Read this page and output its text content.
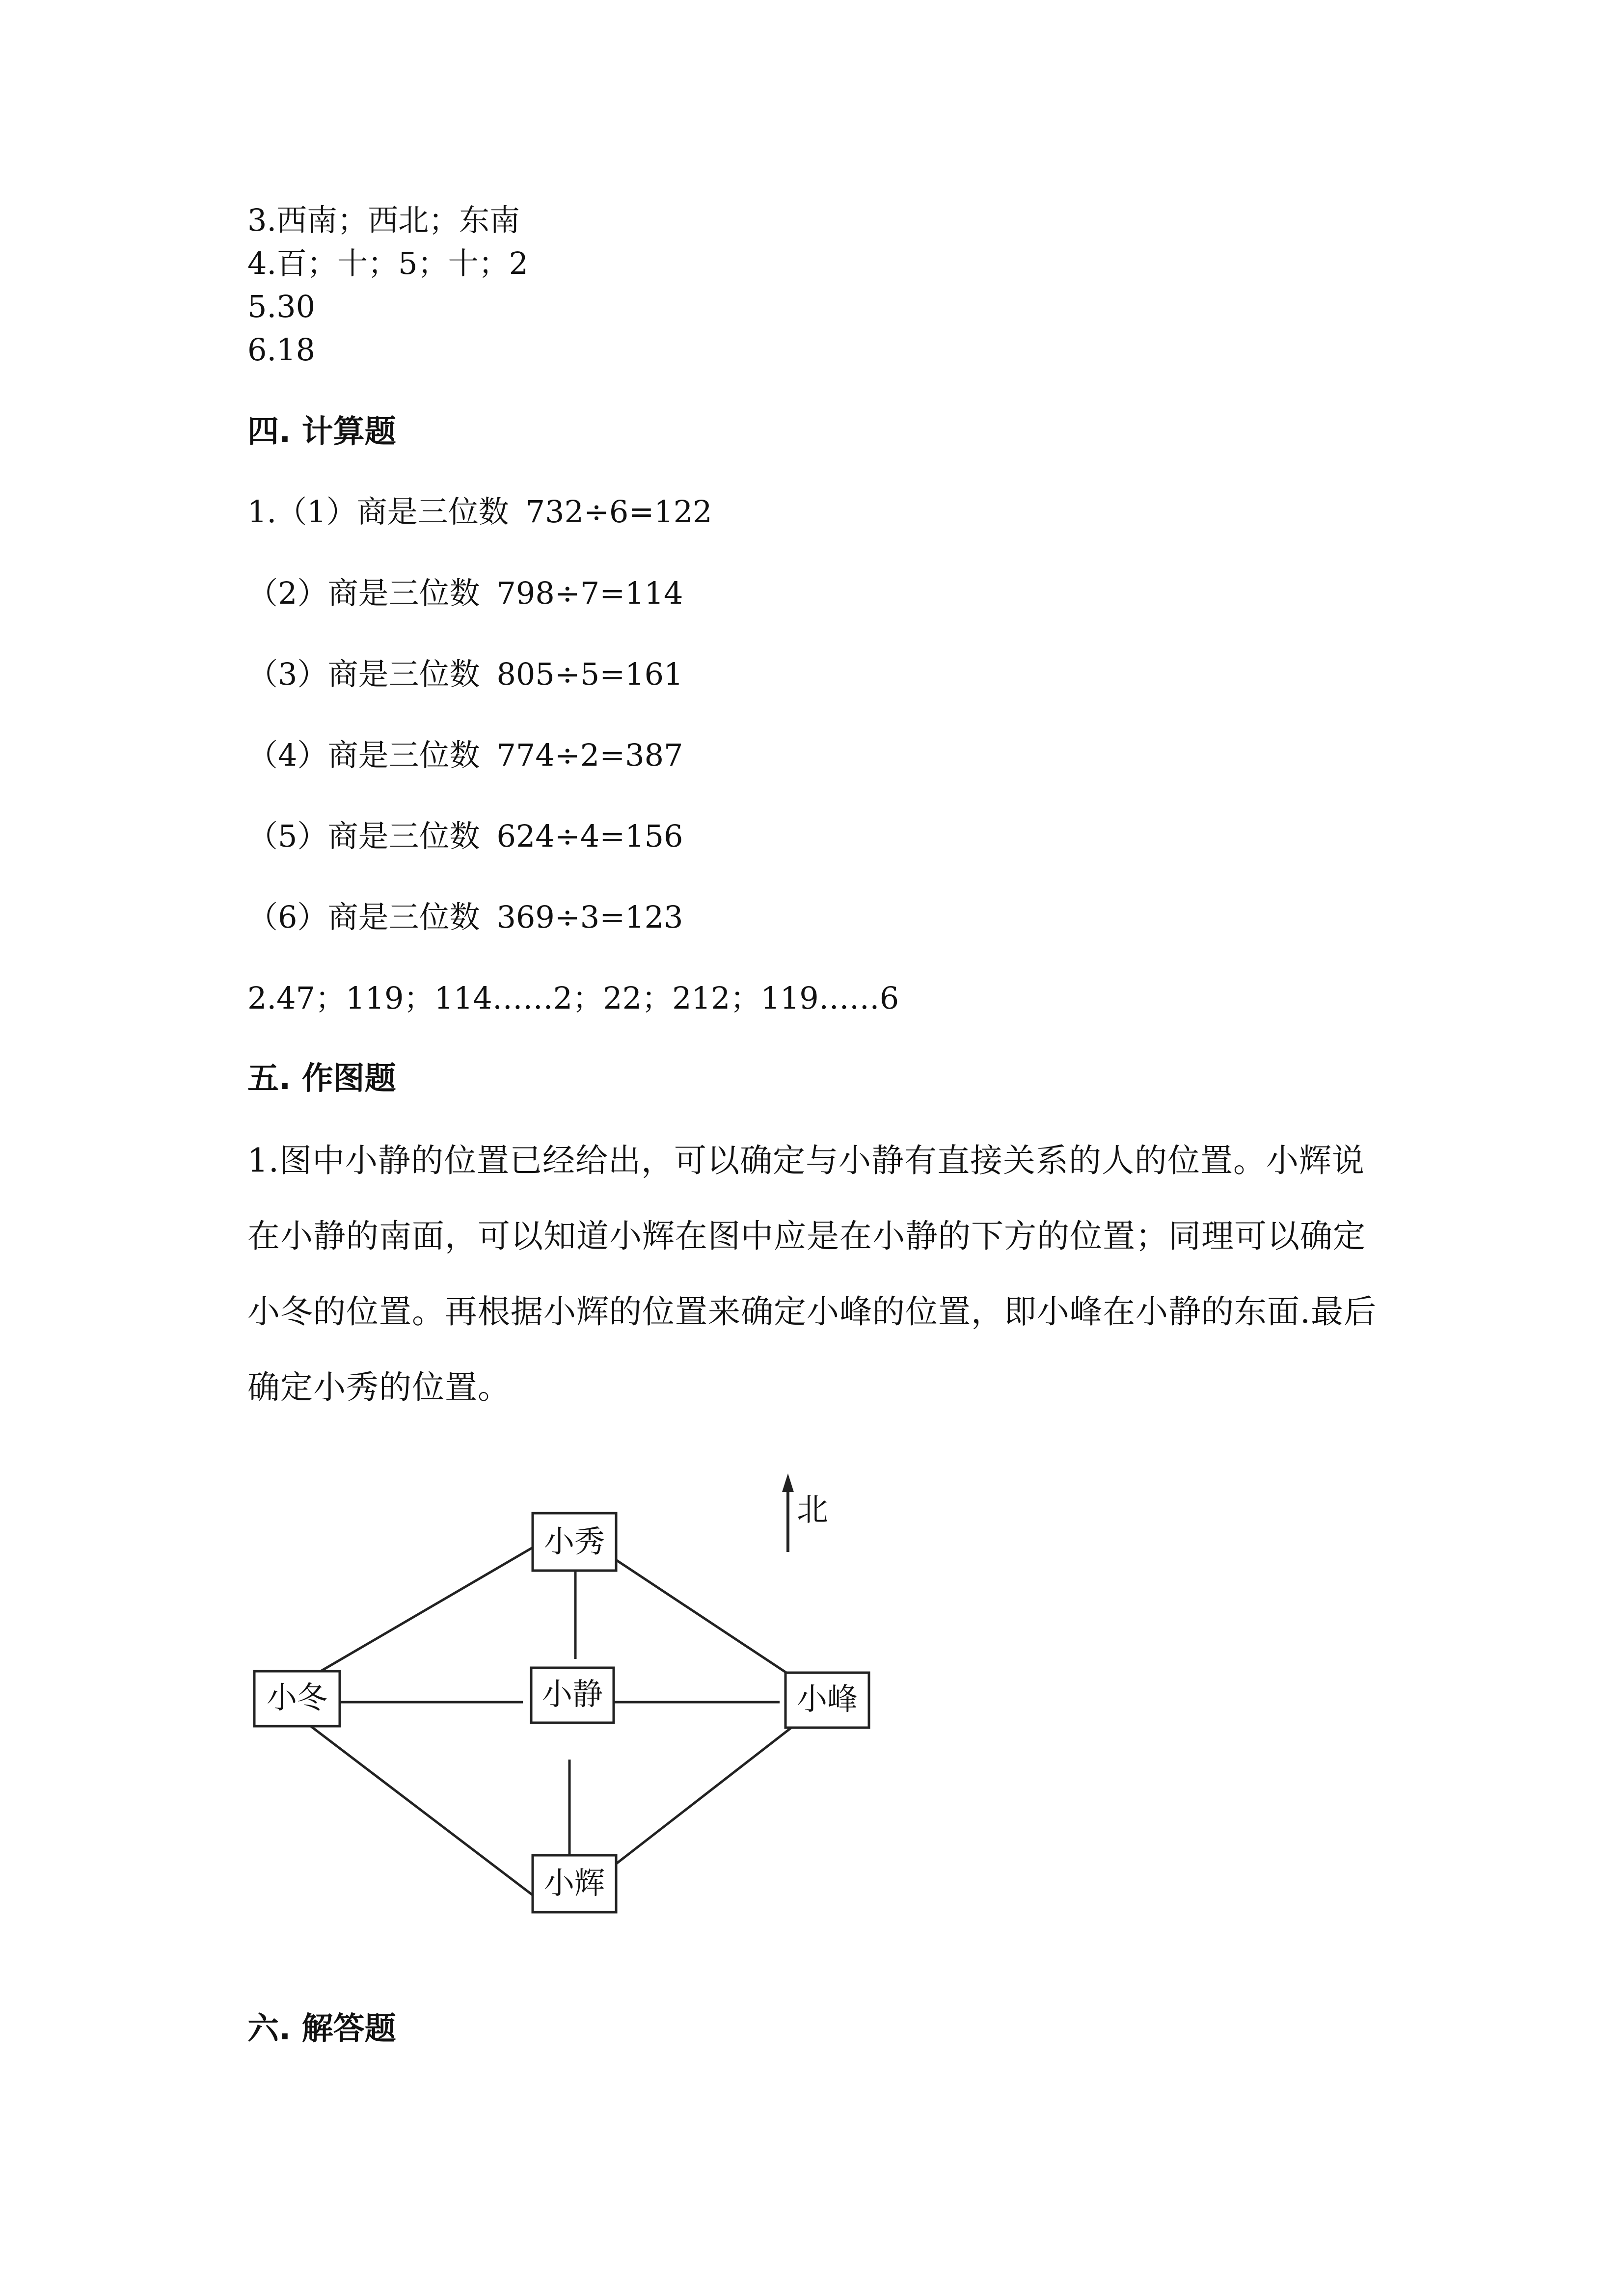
3.西南；西北；东南

4.百；十；5；十；2

5.30

6.18

四. 计算题

1.（1）商是三位数 732÷6=122

（2）商是三位数 798÷7=114

（3）商是三位数 805÷5=161

（4）商是三位数 774÷2=387

（5）商是三位数 624÷4=156

（6）商是三位数 369÷3=123

2.47；119；114……2；22；212；119……6

五. 作图题

1.图中小静的位置已经给出，可以确定与小静有直接关系的人的位置。小辉说

在小静的南面，可以知道小辉在图中应是在小静的下方的位置；同理可以确定

小冬的位置。再根据小辉的位置来确定小峰的位置，即小峰在小静的东面.最后

确定小秀的位置。

小秀
小冬	小静	小峰
小辉
北
六. 解答题
